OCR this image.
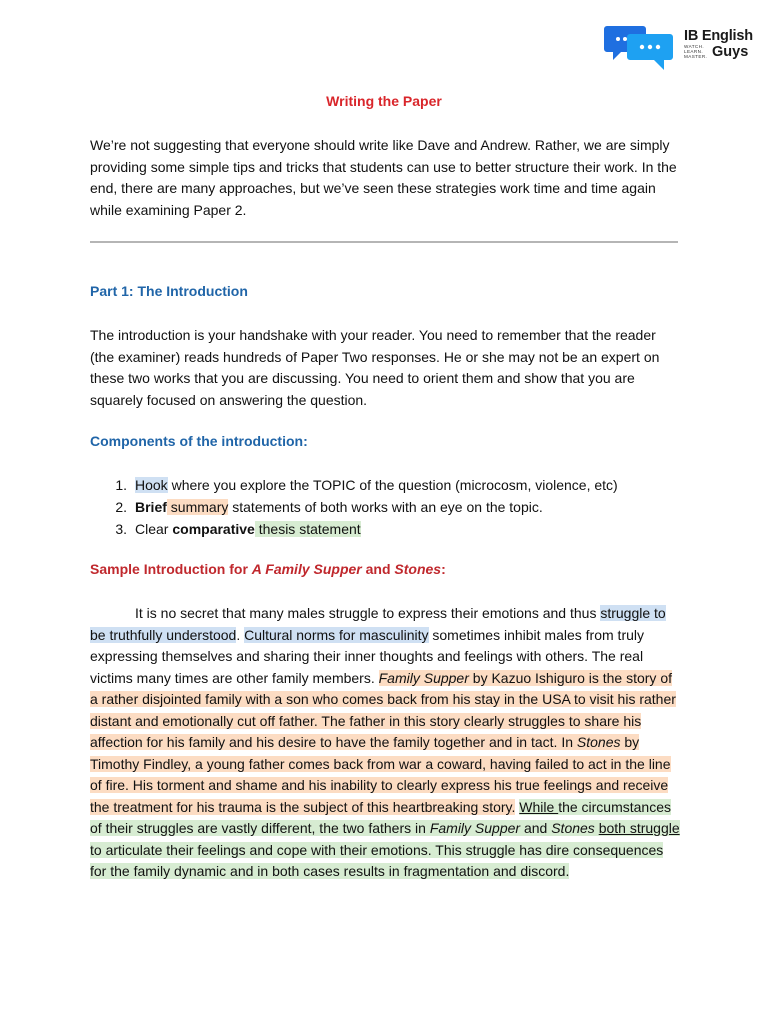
IB English
WATCH. LEARN. MASTER. Guys
Writing the Paper

We’re not suggesting that everyone should write like Dave and Andrew. Rather, we are simply providing some simple tips and tricks that students can use to better structure their work. In the end, there are many approaches, but we’ve seen these strategies work time and time again while examining Paper 2.

Part 1: The Introduction

The introduction is your handshake with your reader. You need to remember that the reader (the examiner) reads hundreds of Paper Two responses. He or she may not be an expert on these two works that you are discussing. You need to orient them and show that you are squarely focused on answering the question.

Components of the introduction:
1. Hook where you explore the TOPIC of the question (microcosm, violence, etc)
2. Brief summary statements of both works with an eye on the topic.
3. Clear comparative thesis statement
Sample Introduction for A Family Supper and Stones:
It is no secret that many males struggle to express their emotions and thus struggle to be truthfully understood. Cultural norms for masculinity sometimes inhibit males from truly expressing themselves and sharing their inner thoughts and feelings with others. The real victims many times are other family members. Family Supper by Kazuo Ishiguro is the story of a rather disjointed family with a son who comes back from his stay in the USA to visit his rather distant and emotionally cut off father. The father in this story clearly struggles to share his affection for his family and his desire to have the family together and in tact. In Stones by Timothy Findley, a young father comes back from war a coward, having failed to act in the line of fire. His torment and shame and his inability to clearly express his true feelings and receive the treatment for his trauma is the subject of this heartbreaking story. While the circumstances of their struggles are vastly different, the two fathers in Family Supper and Stones both struggle to articulate their feelings and cope with their emotions. This struggle has dire consequences for the family dynamic and in both cases results in fragmentation and discord.
